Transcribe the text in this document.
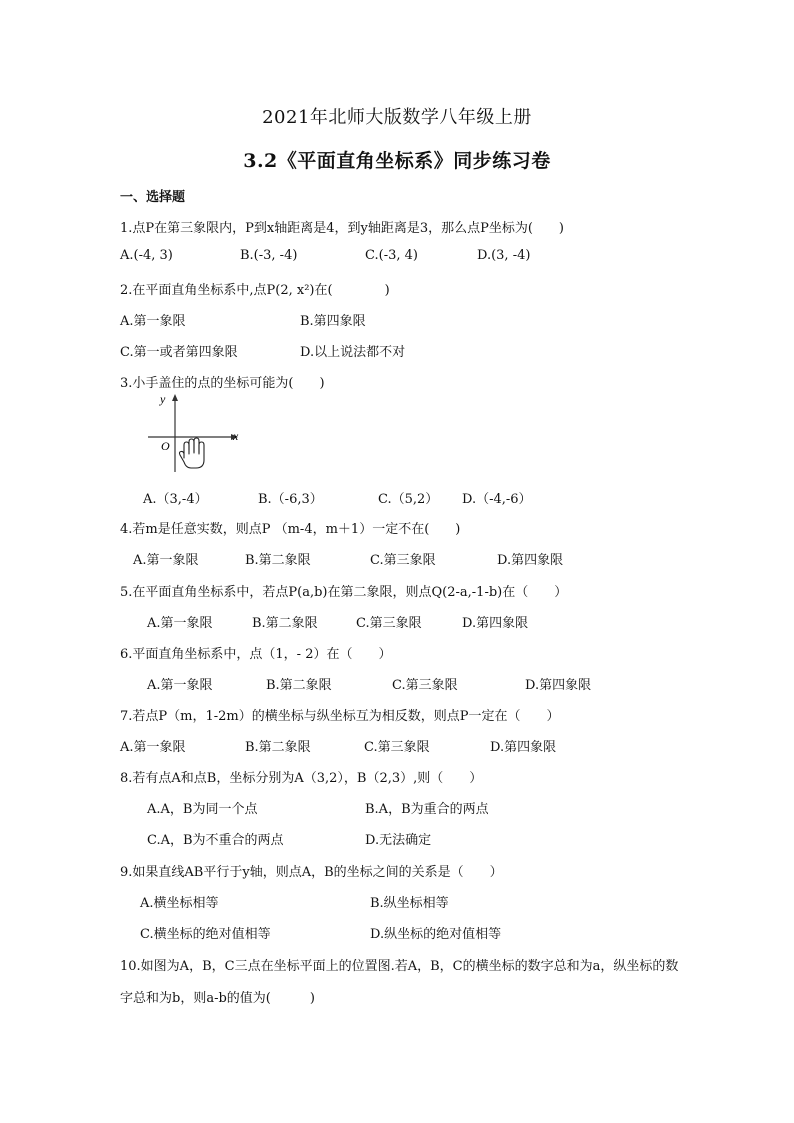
2021年北师大版数学八年级上册
3.2《平面直角坐标系》同步练习卷
一、选择题
1.点P在第三象限内，P到x轴距离是4，到y轴距离是3，那么点P坐标为(　　)
A.(-4, 3)	B.(-3, -4)	C.(-3, 4)	D.(3, -4)
2.在平面直角坐标系中,点P(2, x²)在(　　　　)
A.第一象限	B.第四象限
C.第一或者第四象限	D.以上说法都不对
3.小手盖住的点的坐标可能为(　　)
y
x
O
A.（3,-4）	B.（-6,3）	C.（5,2） D.（-4,-6）
4.若m是任意实数，则点P （m-4，m＋1）一定不在(　　)
A.第一象限	B.第二象限	C.第三象限	D.第四象限
5.在平面直角坐标系中，若点P(a,b)在第二象限，则点Q(2-a,-1-b)在（　　）
A.第一象限	B.第二象限	C.第三象限	D.第四象限
6.平面直角坐标系中，点（1，- 2）在（　　）
A.第一象限	B.第二象限	C.第三象限	D.第四象限
7.若点P（m，1-2m）的横坐标与纵坐标互为相反数，则点P一定在（　　）
A.第一象限	B.第二象限	C.第三象限	D.第四象限
8.若有点A和点B，坐标分别为A（3,2），B（2,3）,则（　　）
A.A，B为同一个点	B.A，B为重合的两点
C.A，B为不重合的两点	D.无法确定
9.如果直线AB平行于y轴，则点A，B的坐标之间的关系是（　　）
A.横坐标相等	B.纵坐标相等
C.横坐标的绝对值相等	D.纵坐标的绝对值相等
10.如图为A，B，C三点在坐标平面上的位置图.若A，B，C的横坐标的数字总和为a，纵坐标的数
字总和为b，则a-b的值为(　　　)
